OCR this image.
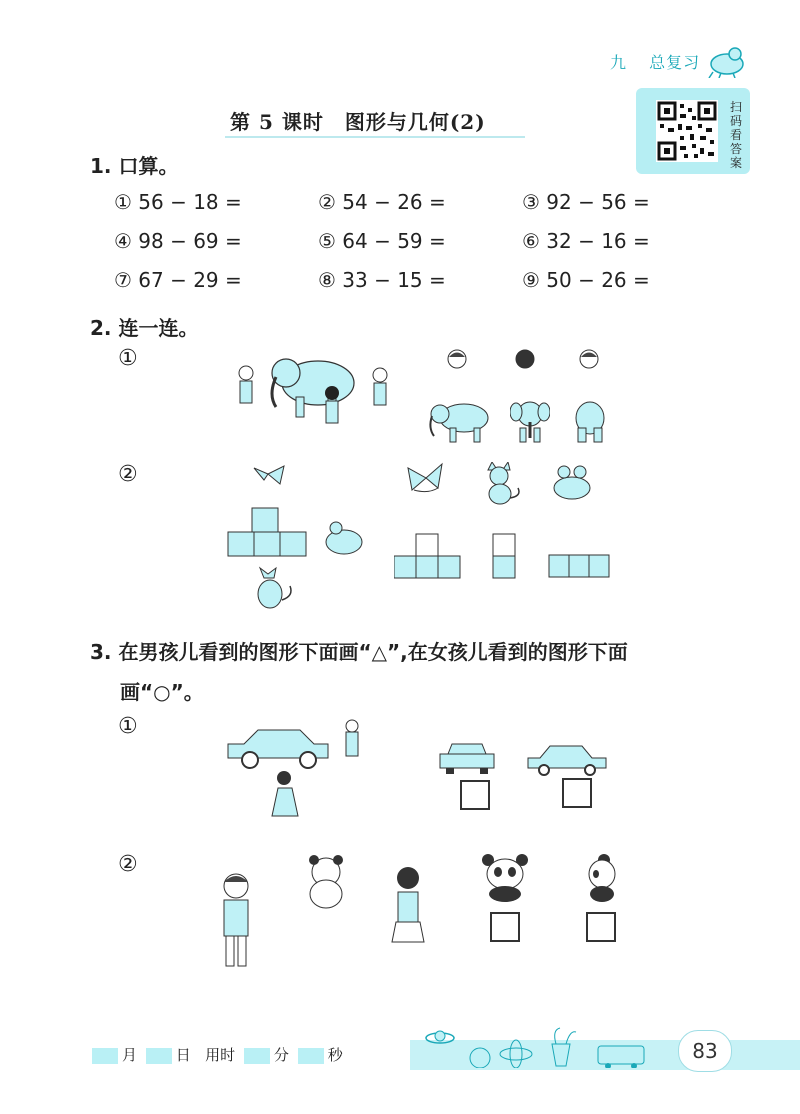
九 总复习
第 5 课时　图形与几何(2)
扫码看答案
1. 口算。
① 56 − 18 =	② 54 − 26 =	③ 92 − 56 =
④ 98 − 69 =	⑤ 64 − 59 =	⑥ 32 − 16 =
⑦ 67 − 29 =	⑧ 33 − 15 =	⑨ 50 − 26 =
2. 连一连。
①
②
3. 在男孩儿看到的图形下面画“△”,在女孩儿看到的图形下面
画“○”。
①
②
月	日 用时	分	秒	83
